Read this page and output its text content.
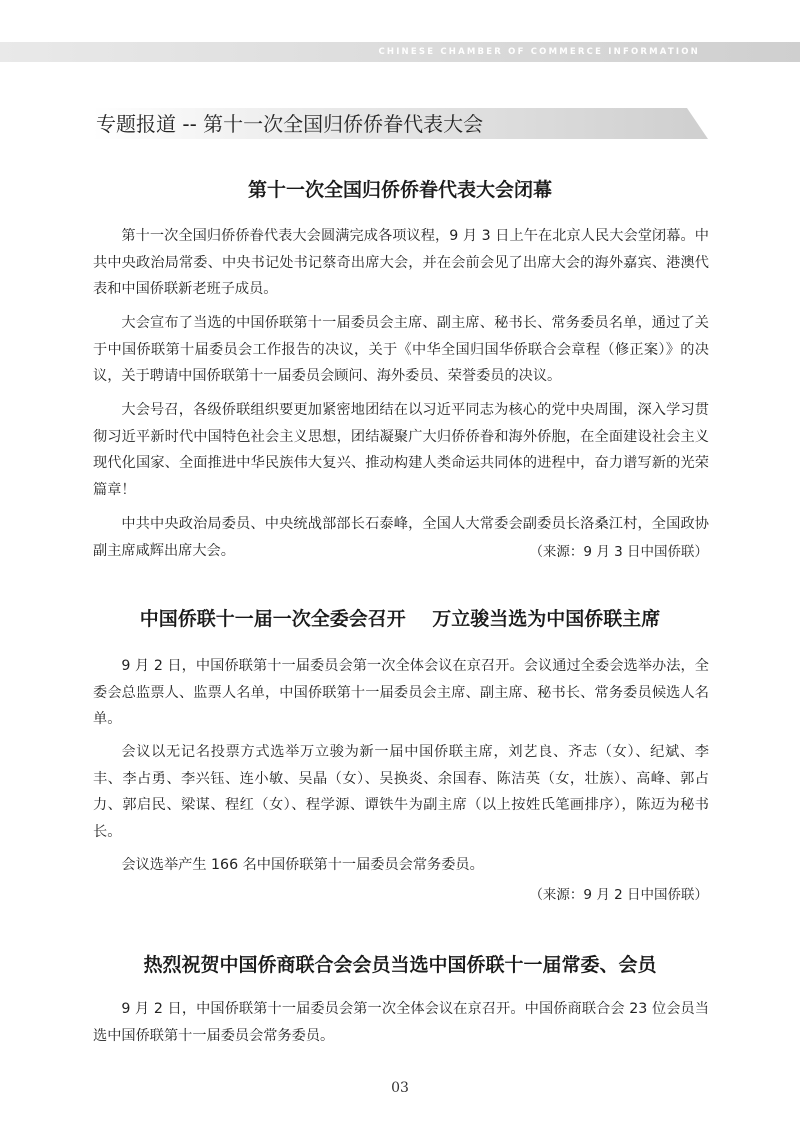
CHINESE CHAMBER OF COMMERCE INFORMATION
专题报道 -- 第十一次全国归侨侨眷代表大会
第十一次全国归侨侨眷代表大会闭幕

第十一次全国归侨侨眷代表大会圆满完成各项议程，9 月 3 日上午在北京人民大会堂闭幕。中共中央政治局常委、中央书记处书记蔡奇出席大会，并在会前会见了出席大会的海外嘉宾、港澳代表和中国侨联新老班子成员。

大会宣布了当选的中国侨联第十一届委员会主席、副主席、秘书长、常务委员名单，通过了关于中国侨联第十届委员会工作报告的决议，关于《中华全国归国华侨联合会章程（修正案）》的决议，关于聘请中国侨联第十一届委员会顾问、海外委员、荣誉委员的决议。

大会号召，各级侨联组织要更加紧密地团结在以习近平同志为核心的党中央周围，深入学习贯彻习近平新时代中国特色社会主义思想，团结凝聚广大归侨侨眷和海外侨胞，在全面建设社会主义现代化国家、全面推进中华民族伟大复兴、推动构建人类命运共同体的进程中，奋力谱写新的光荣篇章！

中共中央政治局委员、中央统战部部长石泰峰，全国人大常委会副委员长洛桑江村，全国政协副主席咸辉出席大会。	（来源：9 月 3 日中国侨联）
中国侨联十一届一次全委会召开    万立骏当选为中国侨联主席

9 月 2 日，中国侨联第十一届委员会第一次全体会议在京召开。会议通过全委会选举办法，全委会总监票人、监票人名单，中国侨联第十一届委员会主席、副主席、秘书长、常务委员候选人名单。

会议以无记名投票方式选举万立骏为新一届中国侨联主席，刘艺良、齐志（女）、纪斌、李丰、李占勇、李兴钰、连小敏、吴晶（女）、吴换炎、余国春、陈洁英（女，壮族）、高峰、郭占力、郭启民、梁谋、程红（女）、程学源、谭铁牛为副主席（以上按姓氏笔画排序），陈迈为秘书长。

会议选举产生 166 名中国侨联第十一届委员会常务委员。

（来源：9 月 2 日中国侨联）
热烈祝贺中国侨商联合会会员当选中国侨联十一届常委、会员

9 月 2 日，中国侨联第十一届委员会第一次全体会议在京召开。中国侨商联合会 23 位会员当选中国侨联第十一届委员会常务委员。

03
